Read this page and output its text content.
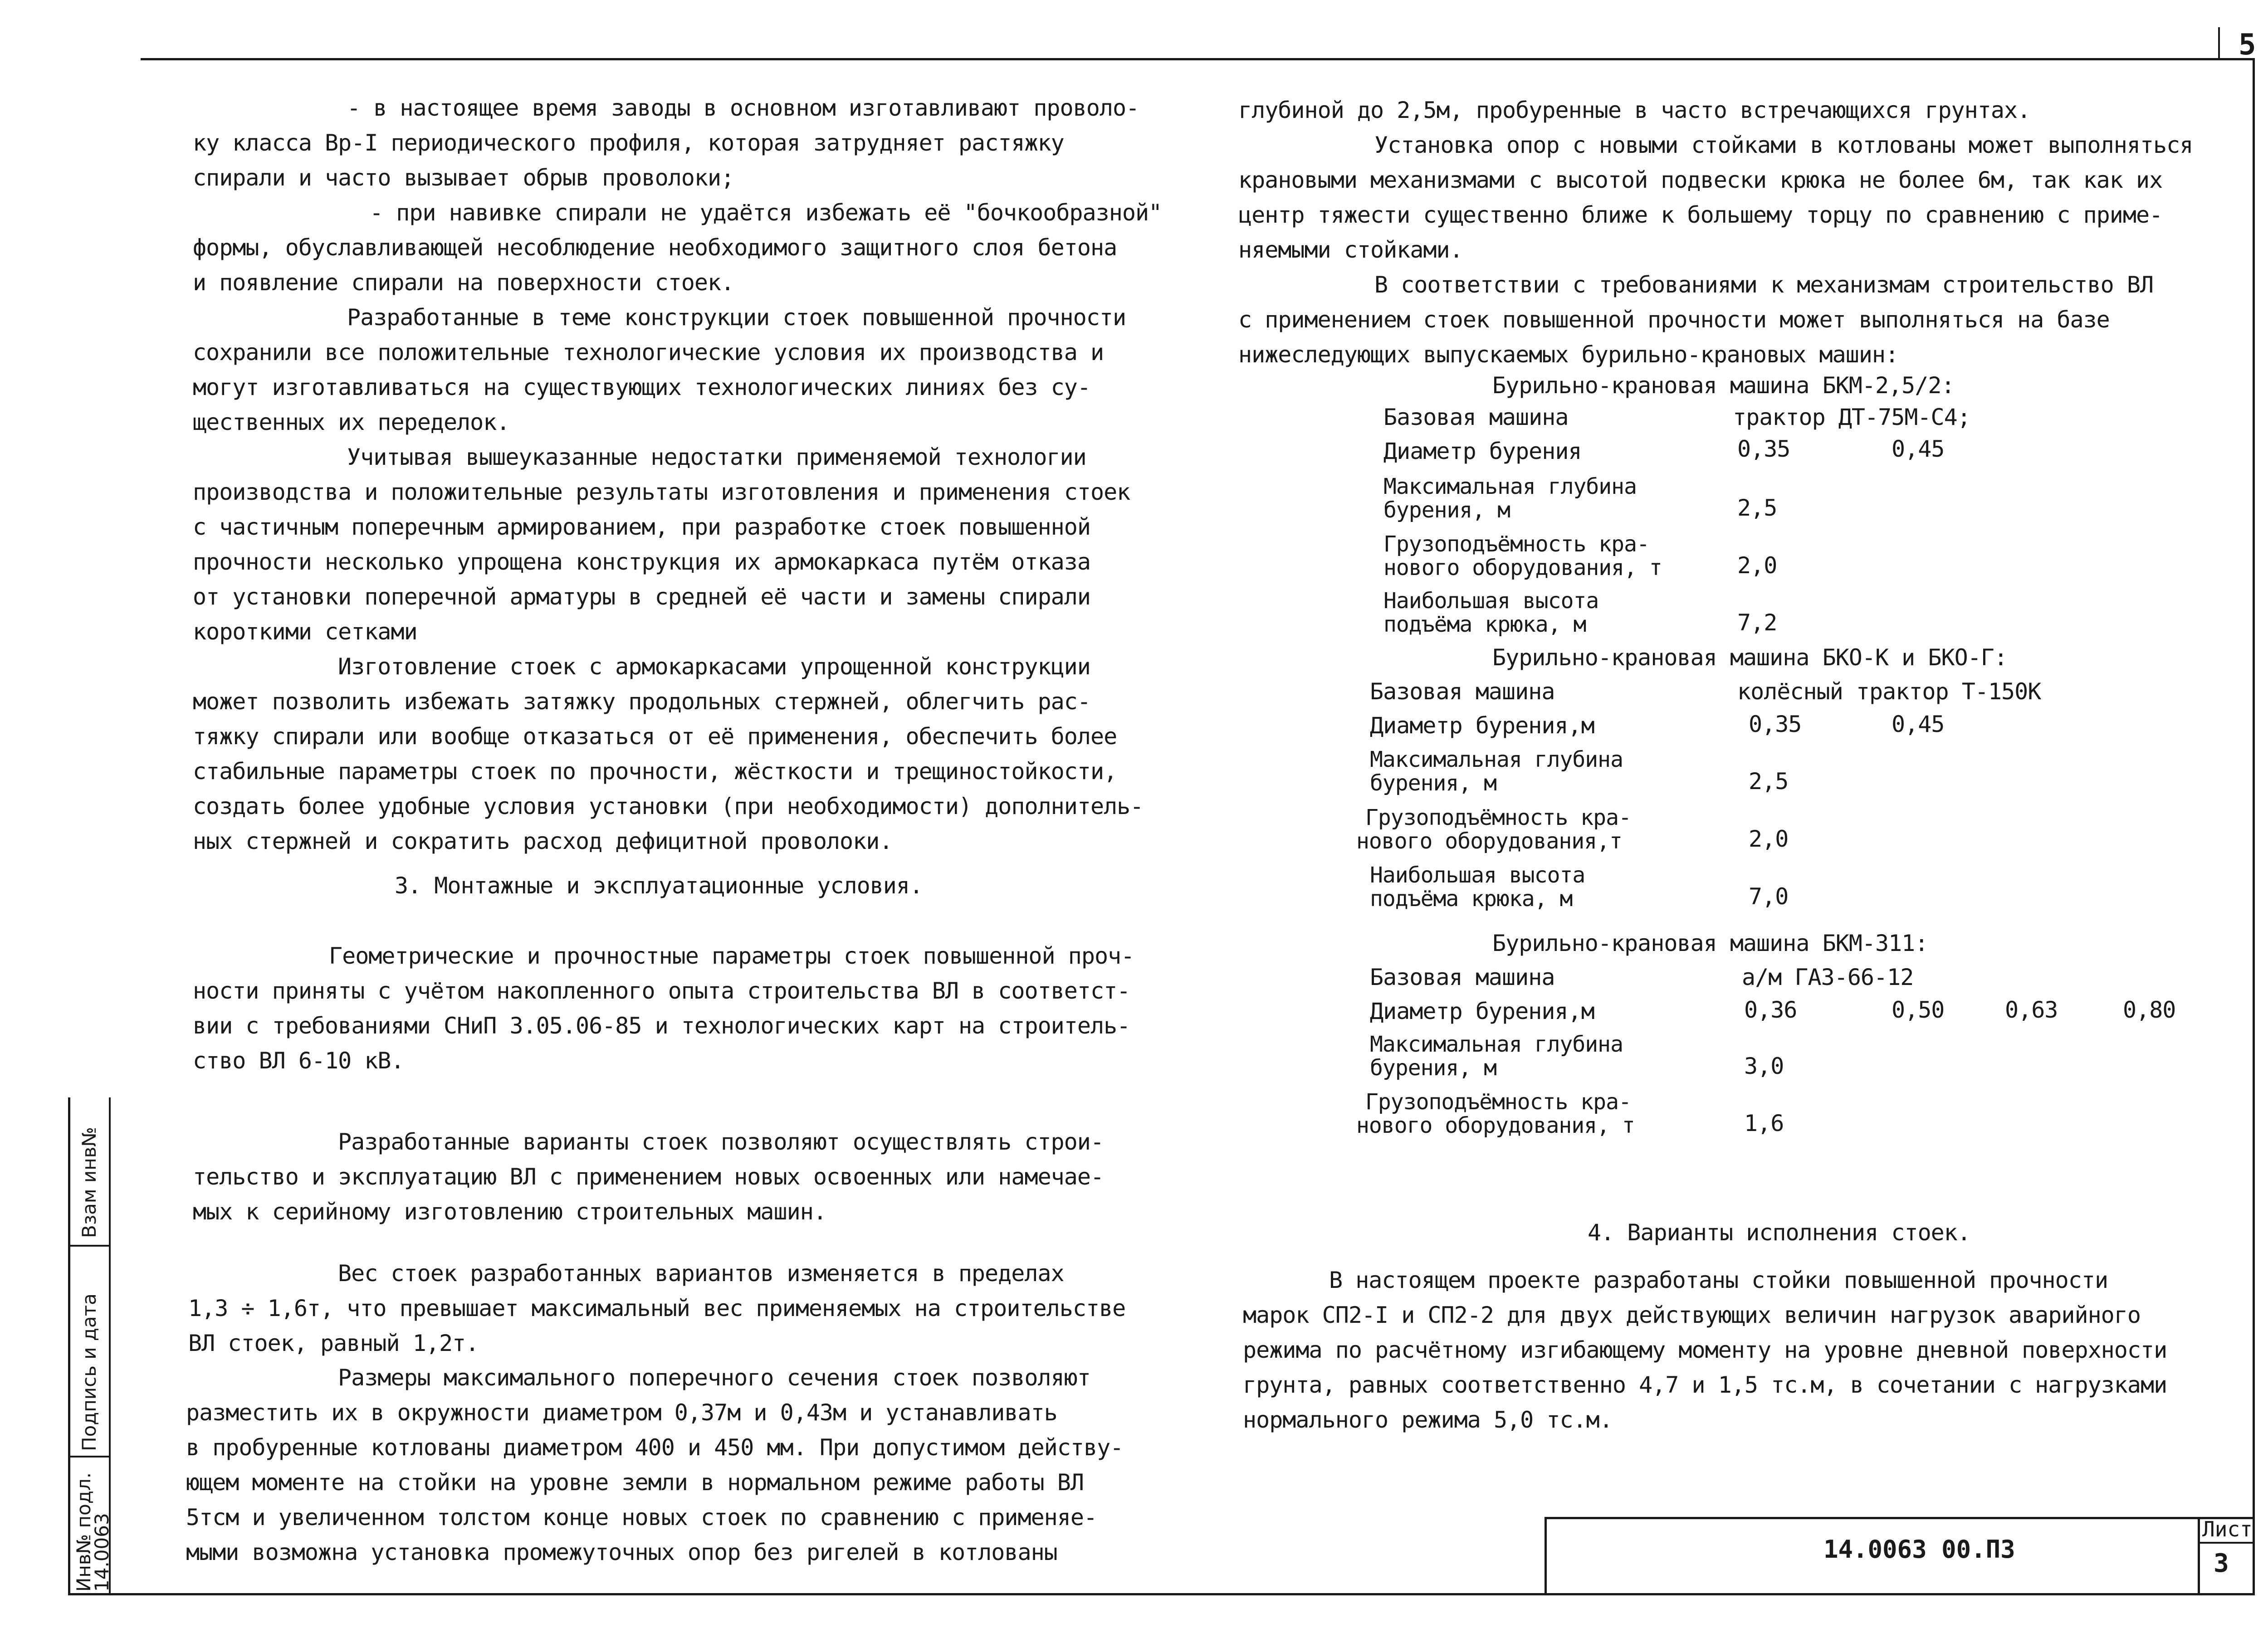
5
- в настоящее время заводы в основном изготавливают проволо-
ку класса Вр-I периодического профиля, которая затрудняет растяжку
спирали и часто вызывает обрыв проволоки;
- при навивке спирали не удаётся избежать её "бочкообразной"
формы, обуславливающей несоблюдение необходимого защитного слоя бетона
и появление спирали на поверхности стоек.
Разработанные в теме конструкции стоек повышенной прочности
сохранили все положительные технологические условия их производства и
могут изготавливаться на существующих технологических линиях без су-
щественных их переделок.
Учитывая вышеуказанные недостатки применяемой технологии
производства и положительные результаты изготовления и применения стоек
с частичным поперечным армированием, при разработке стоек повышенной
прочности несколько упрощена конструкция их армокаркаса путём отказа
от установки поперечной арматуры в средней её части и замены спирали
короткими сетками
Изготовление стоек с армокаркасами упрощенной конструкции
может позволить избежать затяжку продольных стержней, облегчить рас-
тяжку спирали или вообще отказаться от её применения, обеспечить более
стабильные параметры стоек по прочности, жёсткости и трещиностойкости,
создать более удобные условия установки (при необходимости) дополнитель-
ных стержней и сократить расход дефицитной проволоки.
3. Монтажные и эксплуатационные условия.
Геометрические и прочностные параметры стоек повышенной проч-
ности приняты с учётом накопленного опыта строительства ВЛ в соответст-
вии с требованиями СНиП 3.05.06-85 и технологических карт на строитель-
ство ВЛ 6-10 кВ.
Разработанные варианты стоек позволяют осуществлять строи-
тельство и эксплуатацию ВЛ с применением новых освоенных или намечае-
мых к серийному изготовлению строительных машин.
Вес стоек разработанных вариантов изменяется в пределах
1,3 ÷ 1,6т, что превышает максимальный вес применяемых на строительстве
ВЛ стоек, равный 1,2т.
Размеры максимального поперечного сечения стоек позволяют
разместить их в окружности диаметром 0,37м и 0,43м и устанавливать
в пробуренные котлованы диаметром 400 и 450 мм. При допустимом действу-
ющем моменте на стойки на уровне земли в нормальном режиме работы ВЛ
5тсм и увеличенном толстом конце новых стоек по сравнению с применяе-
мыми возможна установка промежуточных опор без ригелей в котлованы
глубиной до 2,5м, пробуренные в часто встречающихся грунтах.
Установка опор с новыми стойками в котлованы может выполняться
крановыми механизмами с высотой подвески крюка не более 6м, так как их
центр тяжести существенно ближе к большему торцу по сравнению с приме-
няемыми стойками.
В соответствии с требованиями к механизмам строительство ВЛ
с применением стоек повышенной прочности может выполняться на базе
нижеследующих выпускаемых бурильно-крановых машин:
Бурильно-крановая машина БКМ-2,5/2:
Базовая машина	трактор ДТ-75М-С4;
Диаметр бурения	0,35	0,45
Максимальная глубина
бурения, м	2,5
Грузоподъёмность кра-
нового оборудования, т	2,0
Наибольшая высота
подъёма крюка, м	7,2
Бурильно-крановая машина БКО-К и БКО-Г:
Базовая машина	колёсный трактор Т-150К
Диаметр бурения,м	0,35	0,45
Максимальная глубина
бурения, м	2,5
Грузоподъёмность кра-
нового оборудования,т	2,0
Наибольшая высота
подъёма крюка, м	7,0
Бурильно-крановая машина БКМ-311:
Базовая машина	а/м ГАЗ-66-12
Диаметр бурения,м	0,36	0,50	0,63	0,80
Максимальная глубина
бурения, м	3,0
Грузоподъёмность кра-
нового оборудования, т	1,6
4. Варианты исполнения стоек.
В настоящем проекте разработаны стойки повышенной прочности
марок СП2-I и СП2-2 для двух действующих величин нагрузок аварийного
режима по расчётному изгибающему моменту на уровне дневной поверхности
грунта, равных соответственно 4,7 и 1,5 тс.м, в сочетании с нагрузками
нормального режима 5,0 тс.м.
14.0063 00.ПЗ
Лист
3
Взам инв№
Подпись и дата
Инв№ подл.
14.0063
